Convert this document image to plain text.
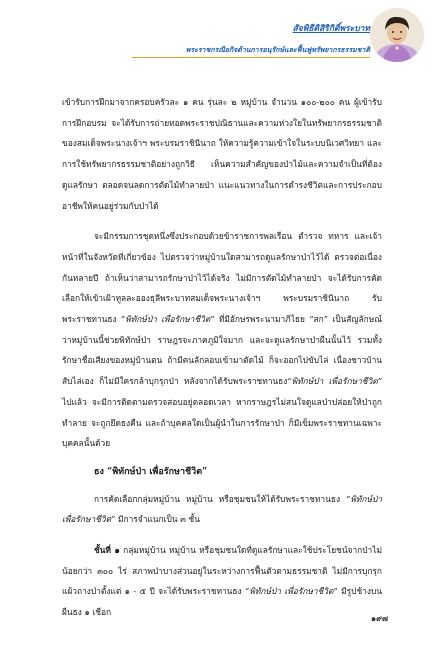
สัจพิธีติสิริกิติ์พระบาท
พระราชกรณียกิจด้านการอนุรักษ์และฟื้นฟูทรัพยากรธรรมชาติ

เข้ารับการฝึกมาจากครอบครัวละ ๑ คน รุ่นละ ๒ หมู่บ้าน จำนวน ๑๐๐-๒๐๐ คน ผู้เข้ารับการฝึกอบรม จะได้รับการถ่ายทอดพระราชปณิธานและความห่วงใยในทรัพยากรธรรมชาติของสมเด็จพระนางเจ้าฯ พระบรมราชินีนาถ ให้ความรู้ความเข้าใจในระบบนิเวศวิทยา และการใช้ทรัพยากรธรรมชาติอย่างถูกวิธี เห็นความสำคัญของป่าไม้และความจำเป็นที่ต้องดูแลรักษา ตลอดจนลดการตัดไม้ทำลายป่า แนะแนวทางในการดำรงชีวิตและการประกอบอาชีพให้คนอยู่ร่วมกับป่าได้

จะมีกรรมการชุดหนึ่งซึ่งประกอบด้วยข้าราชการพลเรือน ตำรวจ ทหาร และเจ้าหน้าที่ในจังหวัดที่เกี่ยวข้อง ไปตรวจว่าหมู่บ้านใดสามารถดูแลรักษาป่าไว้ได้ ตรวจต่อเนื่องกันหลายปี ถ้าเห็นว่าสามารถรักษาป่าไว้ได้จริง ไม่มีการตัดไม้ทำลายป่า จะได้รับการคัดเลือกให้เข้าเฝ้าทูลละอองธุลีพระบาทสมเด็จพระนางเจ้าฯ พระบรมราชินีนาถ รับพระราชทานธง “พิทักษ์ป่า เพื่อรักษาชีวิต” ที่มีอักษรพระนามาภิไธย “สก” เป็นสัญลักษณ์ว่าหมู่บ้านนี้ช่วยพิทักษ์ป่า ราษฎรจะภาคภูมิใจมาก และจะดูแลรักษาป่าผืนนั้นไว้ รวมทั้งรักษาชื่อเสียงของหมู่บ้านตน ถ้ามีคนลักลอบเข้ามาตัดไม้ ก็จะออกไปขับไล่ เนื่องชาวบ้านสับไล่เอง ก็ไม่มีใครกล้าบุกรุกป่า หลังจากได้รับพระราชทานธง“พิทักษ์ป่า เพื่อรักษาชีวิต” ไปแล้ว จะมีการติดตามตรวจสอบอยู่ตลอดเวลา หากราษฎรไม่สนใจดูแลป่าปล่อยให้ป่าถูกทำลาย จะถูกยึดธงคืน และถ้าบุคคลใดเป็นผู้นำในการรักษาป่า ก็มีเข็มพระราชทานเฉพาะบุคคลนั้นด้วย

ธง “พิทักษ์ป่า เพื่อรักษาชีวิต”

การคัดเลือกกลุ่มหมู่บ้าน หมู่บ้าน หรือชุมชนให้ได้รับพระราชทานธง “พิทักษ์ป่า เพื่อรักษาชีวิต” มีการจำแนกเป็น ๓ ชั้น

ชั้นที่ ๑ กลุ่มหมู่บ้าน หมู่บ้าน หรือชุมชนใดที่ดูแลรักษาและใช้ประโยชน์จากป่าไม่น้อยกว่า ๓๐๐ ไร่ สภาพป่าบางส่วนอยู่ในระหว่างการฟื้นตัวตามธรรมชาติ ไม่มีการบุกรุกแผ้วถางป่าตั้งแต่ ๑ - ๕ ปี จะได้รับพระราชทานธง “พิทักษ์ป่า เพื่อรักษาชีวิต” มีรูปช้างบนผืนธง ๑ เชือก

๑๙๗
